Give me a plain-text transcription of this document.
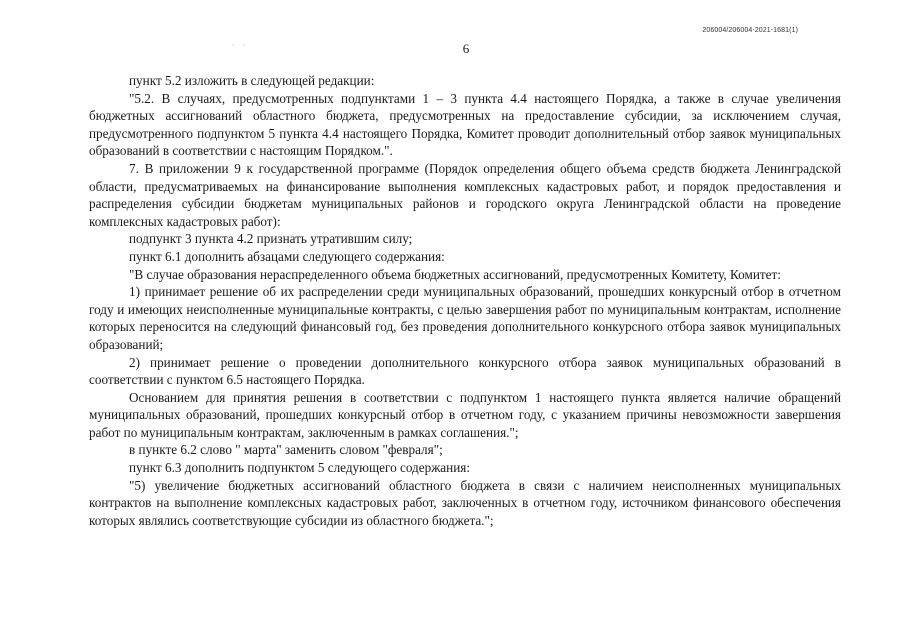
206004/206004-2021-1681(1)
· ·	6

пункт 5.2 изложить в следующей редакции:

"5.2. В случаях, предусмотренных подпунктами 1 – 3 пункта 4.4 настоящего Порядка, а также в случае увеличения бюджетных ассигнований областного бюджета, предусмотренных на предоставление субсидии, за исключением случая, предусмотренного подпунктом 5 пункта 4.4 настоящего Порядка, Комитет проводит дополнительный отбор заявок муниципальных образований в соответствии с настоящим Порядком.".

7. В приложении 9 к государственной программе (Порядок определения общего объема средств бюджета Ленинградской области, предусматриваемых на финансирование выполнения комплексных кадастровых работ, и порядок предоставления и распределения субсидии бюджетам муниципальных районов и городского округа Ленинградской области на проведение комплексных кадастровых работ):

подпункт 3 пункта 4.2 признать утратившим силу;

пункт 6.1 дополнить абзацами следующего содержания:

"В случае образования нераспределенного объема бюджетных ассигнований, предусмотренных Комитету, Комитет:

1) принимает решение об их распределении среди муниципальных образований, прошедших конкурсный отбор в отчетном году и имеющих неисполненные муниципальные контракты, с целью завершения работ по муниципальным контрактам, исполнение которых переносится на следующий финансовый год, без проведения дополнительного конкурсного отбора заявок муниципальных образований;

2) принимает решение о проведении дополнительного конкурсного отбора заявок муниципальных образований в соответствии с пунктом 6.5 настоящего Порядка.

Основанием для принятия решения в соответствии с подпунктом 1 настоящего пункта является наличие обращений муниципальных образований, прошедших конкурсный отбор в отчетном году, с указанием причины невозможности завершения работ по муниципальным контрактам, заключенным в рамках соглашения.";

в пункте 6.2 слово " марта" заменить словом "февраля";

пункт 6.3 дополнить подпунктом 5 следующего содержания:

"5) увеличение бюджетных ассигнований областного бюджета в связи с наличием неисполненных муниципальных контрактов на выполнение комплексных кадастровых работ, заключенных в отчетном году, источником финансового обеспечения которых являлись соответствующие субсидии из областного бюджета.";
